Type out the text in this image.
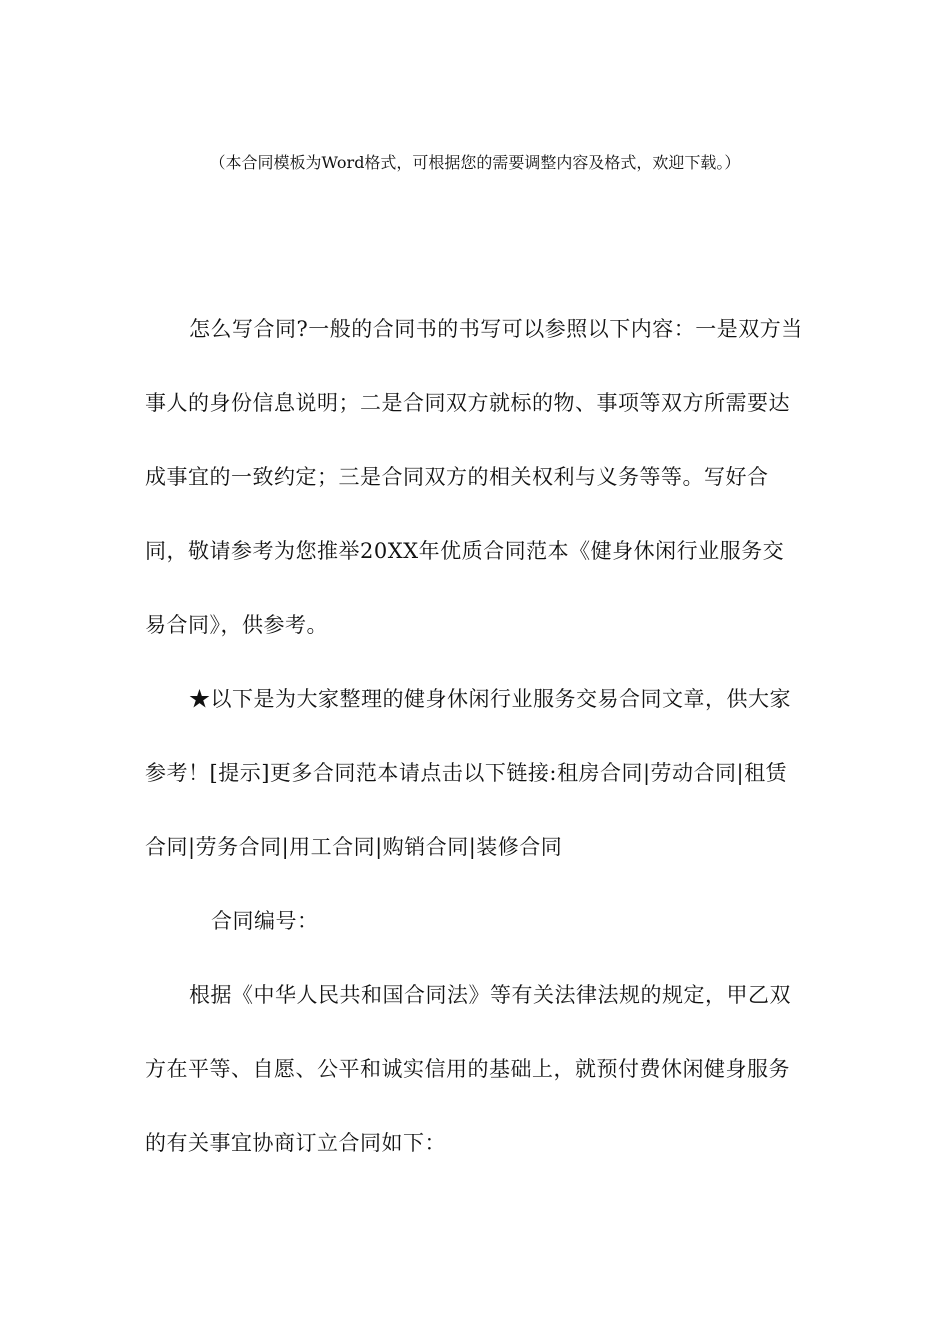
（本合同模板为Word格式，可根据您的需要调整内容及格式，欢迎下载。）

怎么写合同?一般的合同书的书写可以参照以下内容：一是双方当事人的身份信息说明；二是合同双方就标的物、事项等双方所需要达成事宜的一致约定；三是合同双方的相关权利与义务等等。写好合同，敬请参考为您推举20XX年优质合同范本《健身休闲行业服务交易合同》，供参考。

★以下是为大家整理的健身休闲行业服务交易合同文章，供大家参考！[提示]更多合同范本请点击以下链接:租房合同|劳动合同|租赁合同|劳务合同|用工合同|购销合同|装修合同

合同编号：

根据《中华人民共和国合同法》等有关法律法规的规定，甲乙双方在平等、自愿、公平和诚实信用的基础上，就预付费休闲健身服务的有关事宜协商订立合同如下：
